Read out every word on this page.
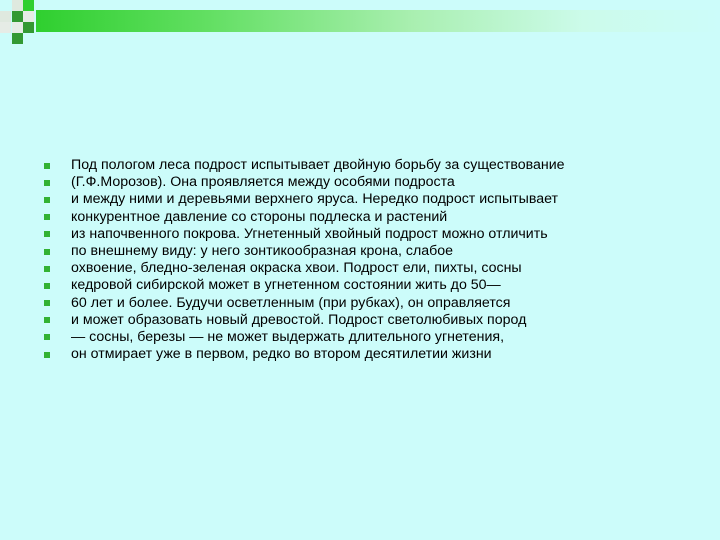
Под пологом леса подрост испытывает двойную борьбу за существование
(Г.Ф.Морозов). Она проявляется между особями подроста
и между ними и деревьями верхнего яруса. Нередко подрост испытывает
конкурентное давление со стороны подлеска и растений
из напочвенного покрова. Угнетенный хвойный подрост можно отличить
по внешнему виду: у него зонтикообразная крона, слабое
охвоение, бледно-зеленая окраска хвои. Подрост ели, пихты, сосны
кедровой сибирской может в угнетенном состоянии жить до 50—
60 лет и более. Будучи осветленным (при рубках), он оправляется
и может образовать новый древостой. Подрост светолюбивых пород
— сосны, березы — не может выдержать длительного угнетения,
он отмирает уже в первом, редко во втором десятилетии жизни
